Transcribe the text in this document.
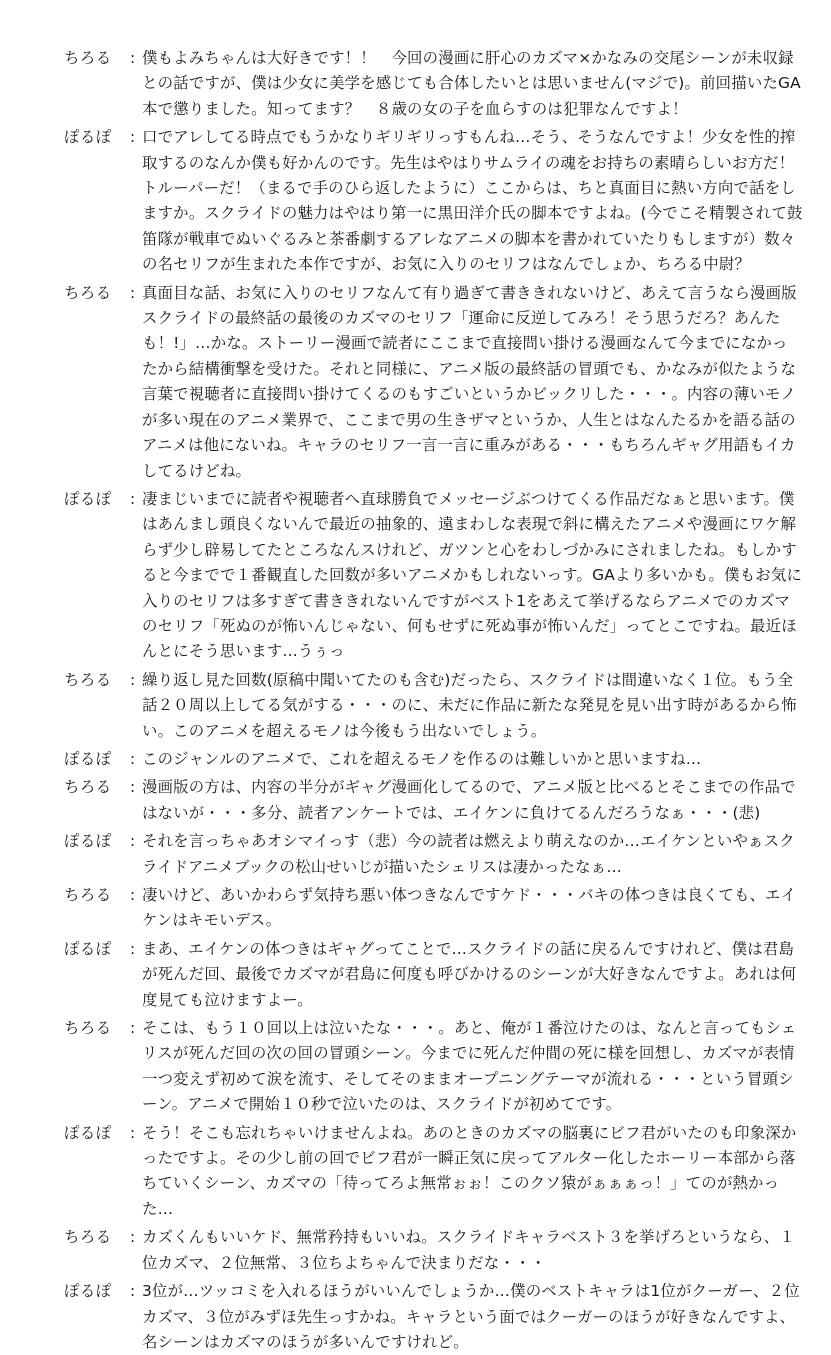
ちろる	: 僕もよみちゃんは大好きです！！　今回の漫画に肝心のカズマ×かなみの交尾シーンが未収録との話ですが、僕は少女に美学を感じても合体したいとは思いません(マジで)。前回描いたGA本で懲りました。知ってます？　８歳の女の子を血らすのは犯罪なんですよ！
ぽるぽ	: 口でアレしてる時点でもうかなりギリギリっすもんね…そう、そうなんですよ！少女を性的搾取するのなんか僕も好かんのです。先生はやはりサムライの魂をお持ちの素晴らしいお方だ！トルーパーだ！（まるで手のひら返したように）ここからは、ちと真面目に熱い方向で話をしますか。スクライドの魅力はやはり第一に黒田洋介氏の脚本ですよね。(今でこそ精製されて鼓笛隊が戦車でぬいぐるみと茶番劇するアレなアニメの脚本を書かれていたりもしますが）数々の名セリフが生まれた本作ですが、お気に入りのセリフはなんでしょか、ちろる中尉？
ちろる	: 真面目な話、お気に入りのセリフなんて有り過ぎて書ききれないけど、あえて言うなら漫画版スクライドの最終話の最後のカズマのセリフ「運命に反逆してみろ！そう思うだろ？あんたも！!」…かな。ストーリー漫画で読者にここまで直接問い掛ける漫画なんて今までになかったから結構衝撃を受けた。それと同様に、アニメ版の最終話の冒頭でも、かなみが似たような言葉で視聴者に直接問い掛けてくるのもすごいというかビックリした・・・。内容の薄いモノが多い現在のアニメ業界で、ここまで男の生きザマというか、人生とはなんたるかを語る話のアニメは他にないね。キャラのセリフ一言一言に重みがある・・・もちろんギャグ用語もイカしてるけどね。
ぽるぽ	: 凄まじいまでに読者や視聴者へ直球勝負でメッセージぶつけてくる作品だなぁと思います。僕はあんまし頭良くないんで最近の抽象的、遠まわしな表現で斜に構えたアニメや漫画にワケ解らず少し辟易してたところなんスけれど、ガツンと心をわしづかみにされましたね。もしかすると今までで１番観直した回数が多いアニメかもしれないっす。GAより多いかも。僕もお気に入りのセリフは多すぎて書ききれないんですがベスト1をあえて挙げるならアニメでのカズマのセリフ「死ぬのが怖いんじゃない、何もせずに死ぬ事が怖いんだ」ってとこですね。最近ほんとにそう思います…うぅっ
ちろる	: 繰り返し見た回数(原稿中聞いてたのも含む)だったら、スクライドは間違いなく１位。もう全話２０周以上してる気がする・・・のに、未だに作品に新たな発見を見い出す時があるから怖い。このアニメを超えるモノは今後もう出ないでしょう。
ぽるぽ	: このジャンルのアニメで、これを超えるモノを作るのは難しいかと思いますね…
ちろる	: 漫画版の方は、内容の半分がギャグ漫画化してるので、アニメ版と比べるとそこまでの作品ではないが・・・多分、読者アンケートでは、エイケンに負けてるんだろうなぁ・・・(悲)
ぽるぽ	: それを言っちゃあオシマイっす（悲）今の読者は燃えより萌えなのか…エイケンといやぁスクライドアニメブックの松山せいじが描いたシェリスは凄かったなぁ…
ちろる	: 凄いけど、あいかわらず気持ち悪い体つきなんですケド・・・バキの体つきは良くても、エイケンはキモいデス。
ぽるぽ	: まあ、エイケンの体つきはギャグってことで…スクライドの話に戻るんですけれど、僕は君島が死んだ回、最後でカズマが君島に何度も呼びかけるのシーンが大好きなんですよ。あれは何度見ても泣けますよー。
ちろる	: そこは、もう１０回以上は泣いたな・・・。あと、俺が１番泣けたのは、なんと言ってもシェリスが死んだ回の次の回の冒頭シーン。今までに死んだ仲間の死に様を回想し、カズマが表情一つ変えず初めて涙を流す、そしてそのままオープニングテーマが流れる・・・という冒頭シーン。アニメで開始１０秒で泣いたのは、スクライドが初めてです。
ぽるぽ	: そう！そこも忘れちゃいけませんよね。あのときのカズマの脳裏にビフ君がいたのも印象深かったですよ。その少し前の回でビフ君が一瞬正気に戻ってアルター化したホーリー本部から落ちていくシーン、カズマの「待ってろよ無常ぉぉ！このクソ猿がぁぁぁっ！」てのが熱かった…
ちろる	: カズくんもいいケド、無常矜持もいいね。スクライドキャラベスト３を挙げろというなら、１位カズマ、２位無常、３位ちよちゃんで決まりだな・・・
ぽるぽ	: 3位が…ツッコミを入れるほうがいいんでしょうか…僕のベストキャラは1位がクーガー、２位カズマ、３位がみずほ先生っすかね。キャラという面ではクーガーのほうが好きなんですよ、名シーンはカズマのほうが多いんですけれど。
